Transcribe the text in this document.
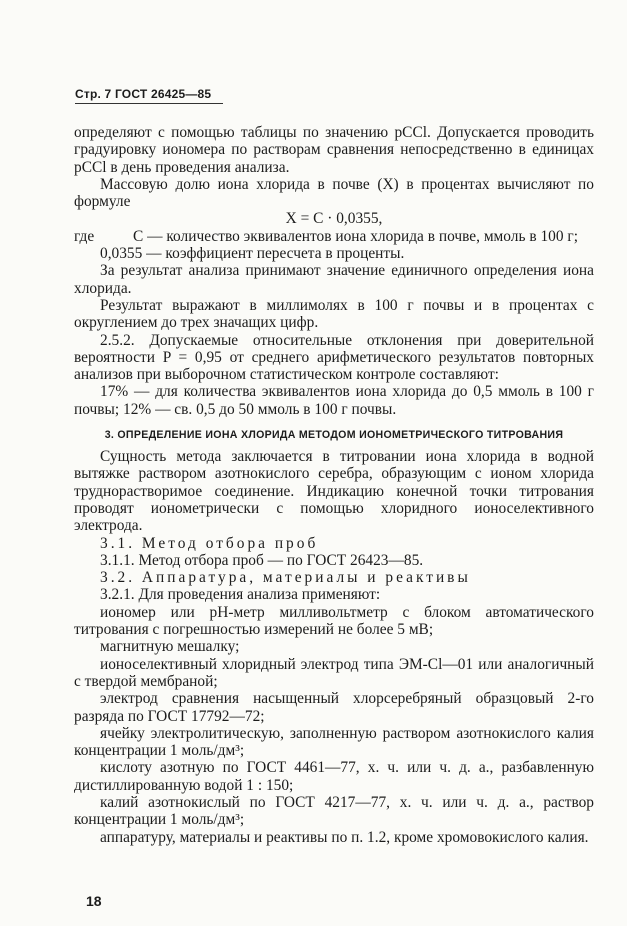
Стр. 7 ГОСТ 26425—85

определяют с помощью таблицы по значению pCCl. Допускается проводить градуировку иономера по растворам сравнения непосредственно в единицах pCCl в день проведения анализа.

Массовую долю иона хлорида в почве (X) в процентах вычисляют по формуле

X = C · 0,0355,

где	C — количество эквивалентов иона хлорида в почве, ммоль в 100 г;

0,0355 — коэффициент пересчета в проценты.

За результат анализа принимают значение единичного определения иона хлорида.

Результат выражают в миллимолях в 100 г почвы и в процентах с округлением до трех значащих цифр.

2.5.2. Допускаемые относительные отклонения при доверительной вероятности P = 0,95 от среднего арифметического результатов повторных анализов при выборочном статистическом контроле составляют:

17% — для количества эквивалентов иона хлорида до 0,5 ммоль в 100 г почвы; 12% — св. 0,5 до 50 ммоль в 100 г почвы.

3. ОПРЕДЕЛЕНИЕ ИОНА ХЛОРИДА МЕТОДОМ ИОНОМЕТРИЧЕСКОГО ТИТРОВАНИЯ

Сущность метода заключается в титровании иона хлорида в водной вытяжке раствором азотнокислого серебра, образующим с ионом хлорида труднорастворимое соединение. Индикацию конечной точки титрования проводят ионометрически с помощью хлоридного ионоселективного электрода.

3.1. Метод отбора проб

3.1.1. Метод отбора проб — по ГОСТ 26423—85.

3.2. Аппаратура, материалы и реактивы

3.2.1. Для проведения анализа применяют:

иономер или pH-метр милливольтметр с блоком автоматического титрования с погрешностью измерений не более 5 мВ;

магнитную мешалку;

ионоселективный хлоридный электрод типа ЭМ-Cl—01 или аналогичный с твердой мембраной;

электрод сравнения насыщенный хлорсеребряный образцовый 2-го разряда по ГОСТ 17792—72;

ячейку электролитическую, заполненную раствором азотнокислого калия концентрации 1 моль/дм³;

кислоту азотную по ГОСТ 4461—77, х. ч. или ч. д. а., разбавленную дистиллированную водой 1 : 150;

калий азотнокислый по ГОСТ 4217—77, х. ч. или ч. д. а., раствор концентрации 1 моль/дм³;

аппаратуру, материалы и реактивы по п. 1.2, кроме хромовокислого калия.

18
